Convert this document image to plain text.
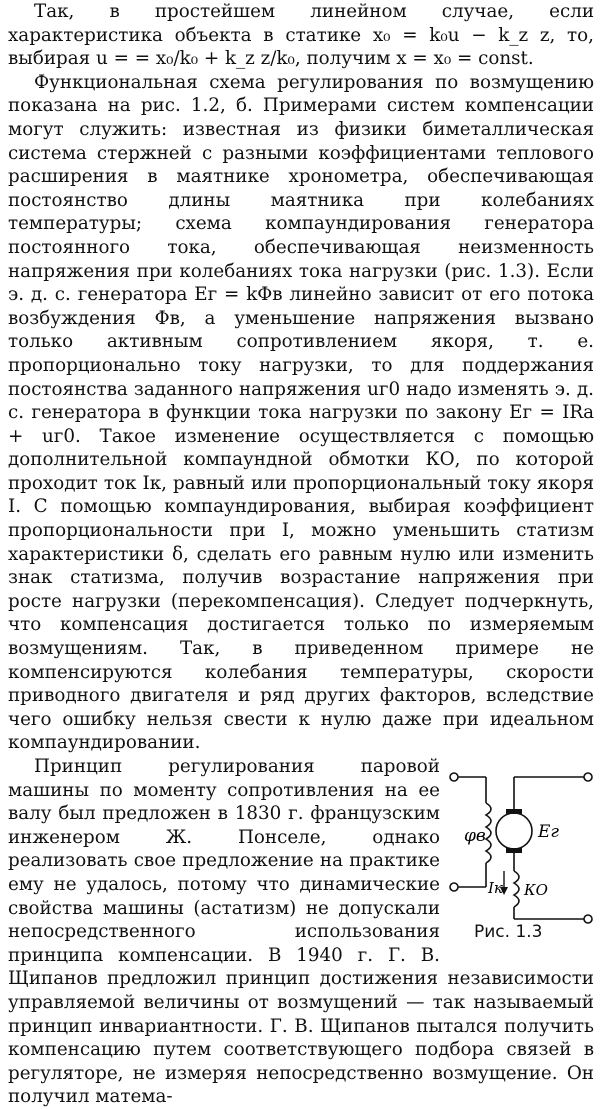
Так, в простейшем линейном случае, если характеристика объекта в статике x₀ = k₀u − k_z z, то, выбирая u = = x₀/k₀ + k_z z/k₀, получим x = x₀ = const.

Функциональная схема регулирования по возмущению показана на рис. 1.2, б. Примерами систем компенсации могут служить: известная из физики биметаллическая система стержней с разными коэффициентами теплового расширения в маятнике хронометра, обеспечивающая постоянство длины маятника при колебаниях температуры; схема компаундирования генератора постоянного тока, обеспечивающая неизменность напряжения при колебаниях тока нагрузки (рис. 1.3). Если э. д. с. генератора Eг = kΦв линейно зависит от его потока возбуждения Φв, а уменьшение напряжения вызвано только активным сопротивлением якоря, т. е. пропорционально току нагрузки, то для поддержания постоянства заданного напряжения uг0 надо изменять э. д. с. генератора в функции тока нагрузки по закону Eг = IRа + uг0. Такое изменение осуществляется с помощью дополнительной компаундной обмотки КО, по которой проходит ток Iк, равный или пропорциональный току якоря I. С помощью компаундирования, выбирая коэффициент пропорциональности при I, можно уменьшить статизм характеристики δ, сделать его равным нулю или изменить знак статизма, получив возрастание напряжения при росте нагрузки (перекомпенсация). Следует подчеркнуть, что компенсация достигается только по измеряемым возмущениям. Так, в приведенном примере не компенсируются колебания температуры, скорости приводного двигателя и ряд других факторов, вследствие чего ошибку нельзя свести к нулю даже при идеальном компаундировании.

φв	Eг
Iк КО
Рис. 1.3

Принцип регулирования паровой машины по моменту сопротивления на ее валу был предложен в 1830 г. французским инженером Ж. Понселе, однако реализовать свое предложение на практике ему не удалось, потому что динамические свойства машины (астатизм) не допускали непосредственного использования принципа компенсации. В 1940 г. Г. В. Щипанов предложил принцип достижения независимости управляемой величины от возмущений — так называемый принцип инвариантности. Г. В. Щипанов пытался получить компенсацию путем соответствующего подбора связей в регуляторе, не измеряя непосредственно возмущение. Он получил матема-
